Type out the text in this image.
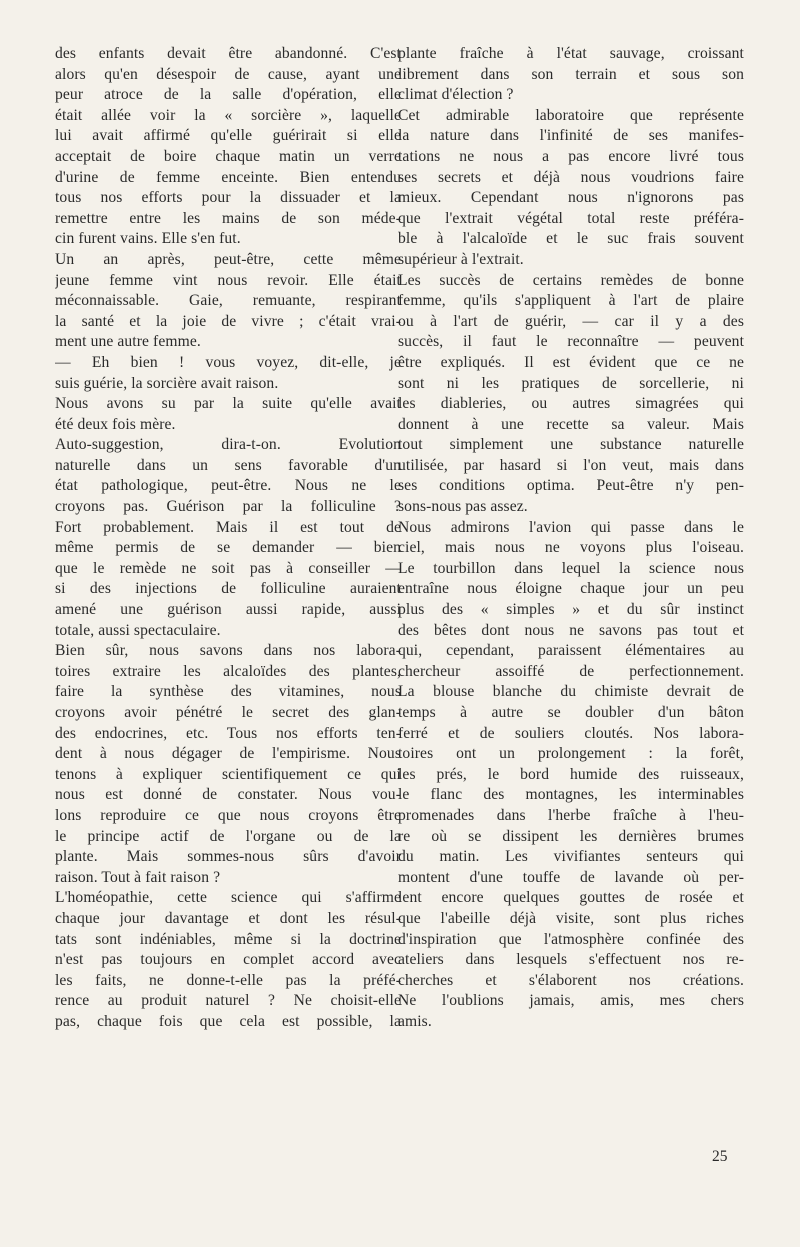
des enfants devait être abandonné. C'est
alors qu'en désespoir de cause, ayant une
peur atroce de la salle d'opération, elle
était allée voir la « sorcière », laquelle
lui avait affirmé qu'elle guérirait si elle
acceptait de boire chaque matin un verre
d'urine de femme enceinte. Bien entendu
tous nos efforts pour la dissuader et la
remettre entre les mains de son méde-
cin furent vains. Elle s'en fut.
Un an après, peut-être, cette même
jeune femme vint nous revoir. Elle était
méconnaissable. Gaie, remuante, respirant
la santé et la joie de vivre ; c'était vrai-
ment une autre femme.
— Eh bien ! vous voyez, dit-elle, je
suis guérie, la sorcière avait raison.
Nous avons su par la suite qu'elle avait
été deux fois mère.
Auto-suggestion, dira-t-on. Evolution
naturelle dans un sens favorable d'un
état pathologique, peut-être. Nous ne le
croyons pas. Guérison par la folliculine ?
Fort probablement. Mais il est tout de
même permis de se demander — bien
que le remède ne soit pas à conseiller —
si des injections de folliculine auraient
amené une guérison aussi rapide, aussi
totale, aussi spectaculaire.
Bien sûr, nous savons dans nos labora-
toires extraire les alcaloïdes des plantes,
faire la synthèse des vitamines, nous
croyons avoir pénétré le secret des glan-
des endocrines, etc. Tous nos efforts ten-
dent à nous dégager de l'empirisme. Nous
tenons à expliquer scientifiquement ce qui
nous est donné de constater. Nous vou-
lons reproduire ce que nous croyons être
le principe actif de l'organe ou de la
plante. Mais sommes-nous sûrs d'avoir
raison. Tout à fait raison ?
L'homéopathie, cette science qui s'affirme
chaque jour davantage et dont les résul-
tats sont indéniables, même si la doctrine
n'est pas toujours en complet accord avec
les faits, ne donne-t-elle pas la préfé-
rence au produit naturel ? Ne choisit-elle
pas, chaque fois que cela est possible, la
plante fraîche à l'état sauvage, croissant
librement dans son terrain et sous son
climat d'élection ?
Cet admirable laboratoire que représente
la nature dans l'infinité de ses manifes-
tations ne nous a pas encore livré tous
ses secrets et déjà nous voudrions faire
mieux. Cependant nous n'ignorons pas
que l'extrait végétal total reste préféra-
ble à l'alcaloïde et le suc frais souvent
supérieur à l'extrait.
Les succès de certains remèdes de bonne
femme, qu'ils s'appliquent à l'art de plaire
ou à l'art de guérir, — car il y a des
succès, il faut le reconnaître — peuvent
être expliqués. Il est évident que ce ne
sont ni les pratiques de sorcellerie, ni
les diableries, ou autres simagrées qui
donnent à une recette sa valeur. Mais
tout simplement une substance naturelle
utilisée, par hasard si l'on veut, mais dans
ses conditions optima. Peut-être n'y pen-
sons-nous pas assez.
Nous admirons l'avion qui passe dans le
ciel, mais nous ne voyons plus l'oiseau.
Le tourbillon dans lequel la science nous
entraîne nous éloigne chaque jour un peu
plus des « simples » et du sûr instinct
des bêtes dont nous ne savons pas tout et
qui, cependant, paraissent élémentaires au
chercheur assoiffé de perfectionnement.
La blouse blanche du chimiste devrait de
temps à autre se doubler d'un bâton
ferré et de souliers cloutés. Nos labora-
toires ont un prolongement : la forêt,
les prés, le bord humide des ruisseaux,
le flanc des montagnes, les interminables
promenades dans l'herbe fraîche à l'heu-
re où se dissipent les dernières brumes
du matin. Les vivifiantes senteurs qui
montent d'une touffe de lavande où per-
lent encore quelques gouttes de rosée et
que l'abeille déjà visite, sont plus riches
d'inspiration que l'atmosphère confinée des
ateliers dans lesquels s'effectuent nos re-
cherches et s'élaborent nos créations.
Ne l'oublions jamais, amis, mes chers
amis.
25
